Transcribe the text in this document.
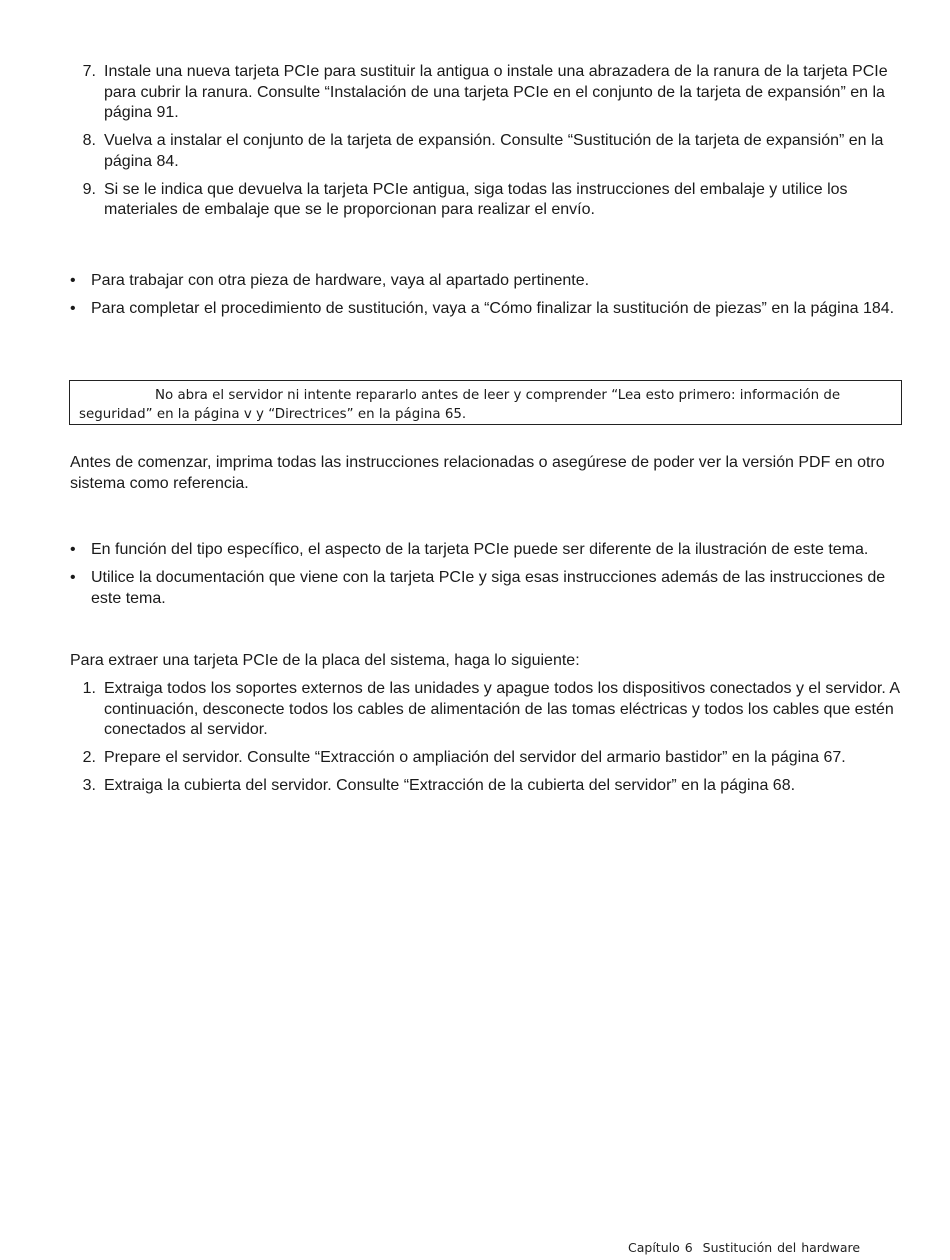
7. Instale una nueva tarjeta PCIe para sustituir la antigua o instale una abrazadera de la ranura de la tarjeta PCIe para cubrir la ranura. Consulte “Instalación de una tarjeta PCIe en el conjunto de la tarjeta de expansión” en la página 91.
8. Vuelva a instalar el conjunto de la tarjeta de expansión. Consulte “Sustitución de la tarjeta de expansión” en la página 84.
9. Si se le indica que devuelva la tarjeta PCIe antigua, siga todas las instrucciones del embalaje y utilice los materiales de embalaje que se le proporcionan para realizar el envío.
• Para trabajar con otra pieza de hardware, vaya al apartado pertinente.
• Para completar el procedimiento de sustitución, vaya a “Cómo finalizar la sustitución de piezas” en la página 184.
No abra el servidor ni intente repararlo antes de leer y comprender “Lea esto primero: información de seguridad” en la página v y “Directrices” en la página 65.

Antes de comenzar, imprima todas las instrucciones relacionadas o asegúrese de poder ver la versión PDF en otro sistema como referencia.

• En función del tipo específico, el aspecto de la tarjeta PCIe puede ser diferente de la ilustración de este tema.
• Utilice la documentación que viene con la tarjeta PCIe y siga esas instrucciones además de las instrucciones de este tema.

Para extraer una tarjeta PCIe de la placa del sistema, haga lo siguiente:

1. Extraiga todos los soportes externos de las unidades y apague todos los dispositivos conectados y el servidor. A continuación, desconecte todos los cables de alimentación de las tomas eléctricas y todos los cables que estén conectados al servidor.
2. Prepare el servidor. Consulte “Extracción o ampliación del servidor del armario bastidor” en la página 67.
3. Extraiga la cubierta del servidor. Consulte “Extracción de la cubierta del servidor” en la página 68.
Capítulo 6 Sustitución del hardware
